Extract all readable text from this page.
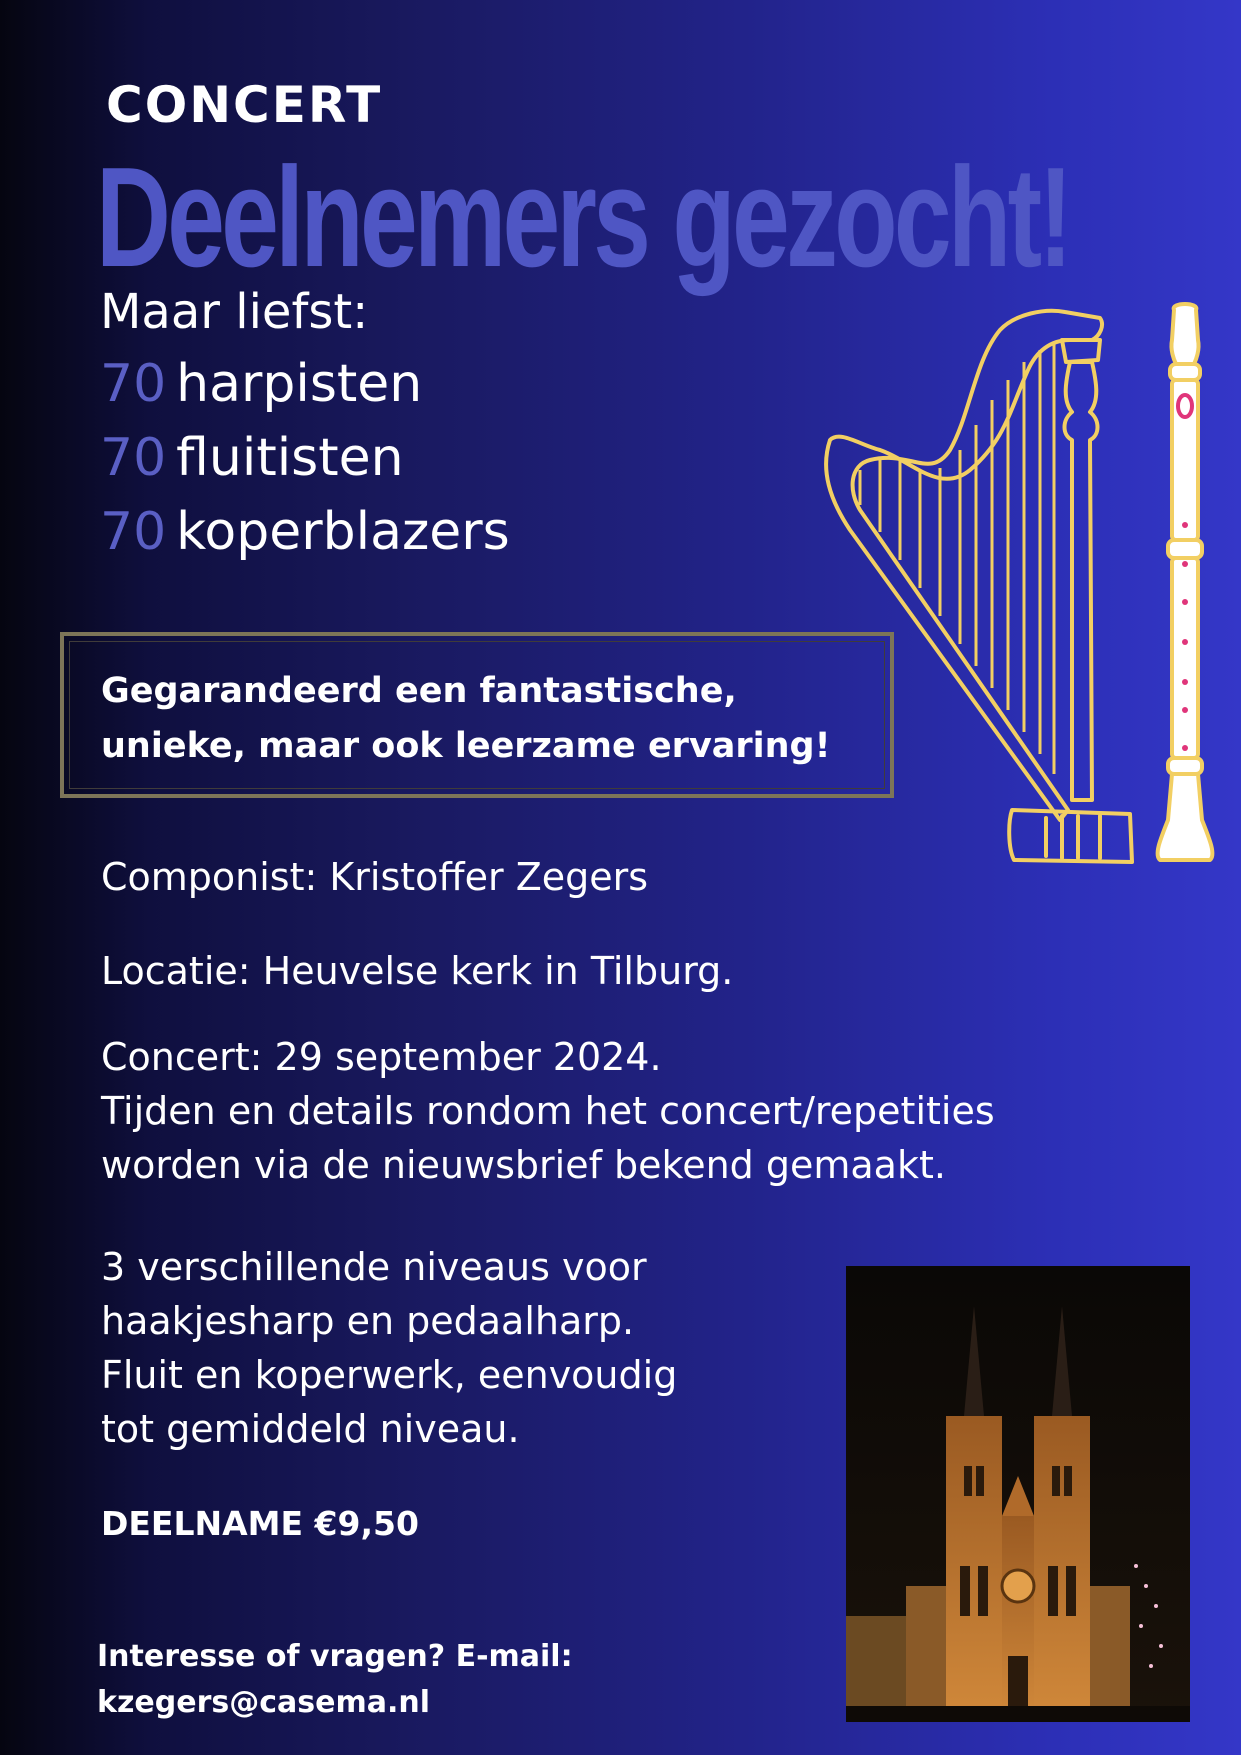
CONCERT
Deelnemers gezocht!
Maar liefst:
70 harpisten
70 fluitisten
70 koperblazers
Gegarandeerd een fantastische,
unieke, maar ook leerzame ervaring!
Componist: Kristoffer Zegers
Locatie: Heuvelse kerk in Tilburg.
Concert: 29 september 2024.
Tijden en details rondom het concert/repetities
worden via de nieuwsbrief bekend gemaakt.
3 verschillende niveaus voor
haakjesharp en pedaalharp.
Fluit en koperwerk, eenvoudig
tot gemiddeld niveau.
DEELNAME €9,50
Interesse of vragen? E-mail:
kzegers@casema.nl
